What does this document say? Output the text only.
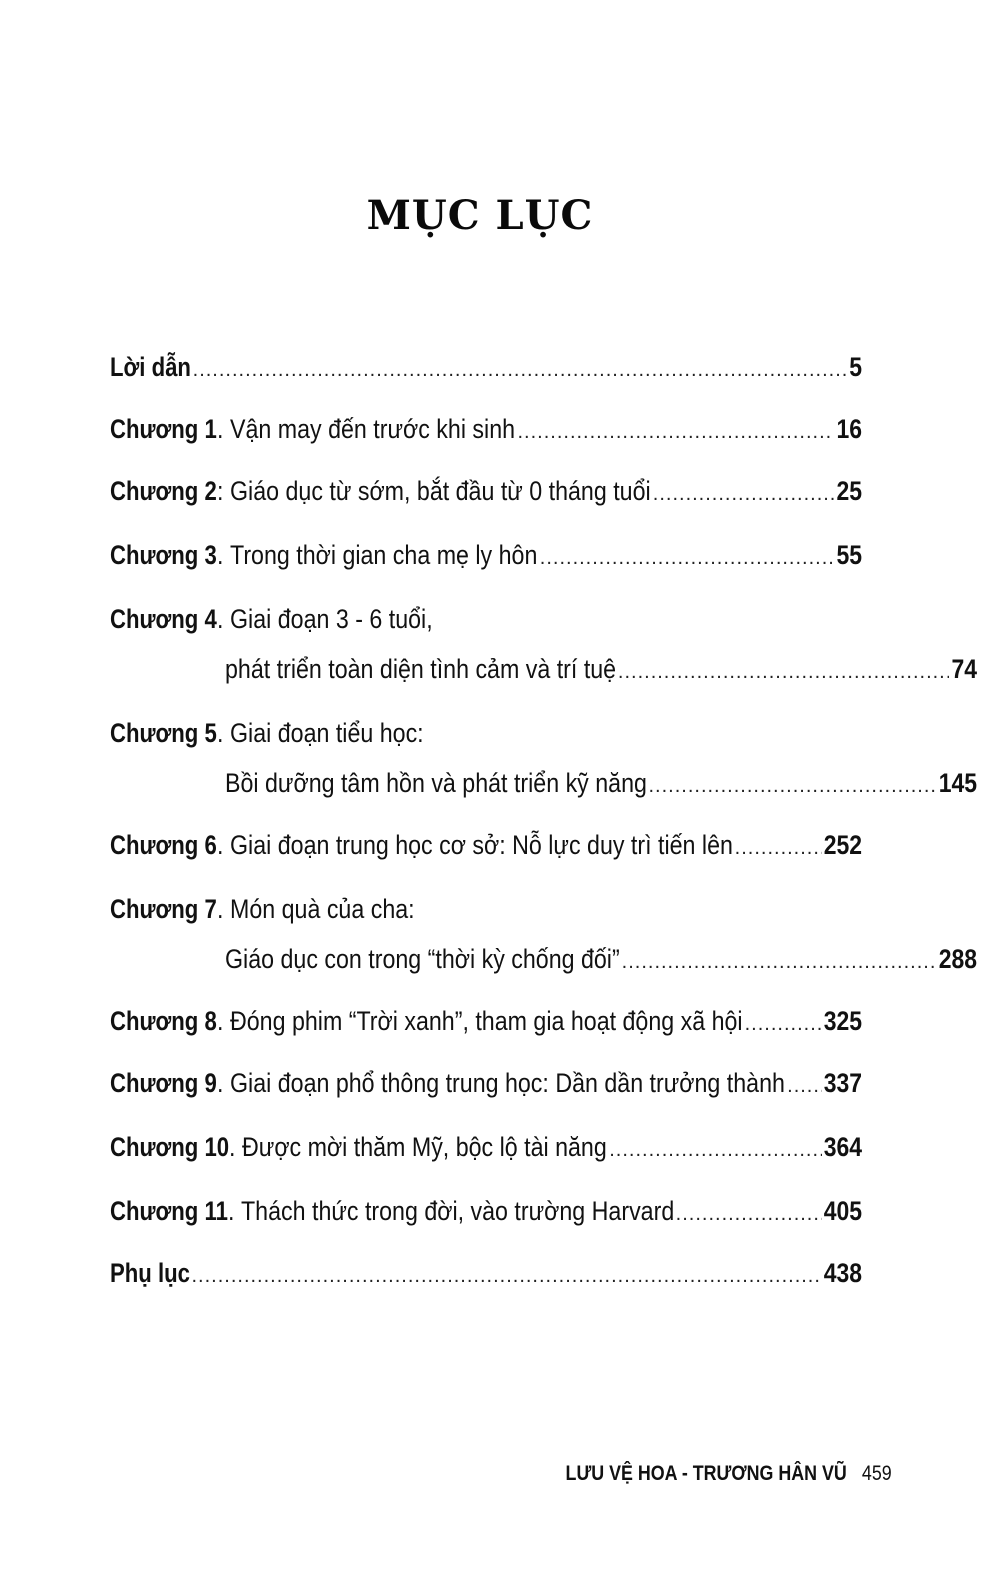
MỤC LỤC
Lời dẫn .....	5
Chương 1 . Vận may đến trước khi sinh .....	16
Chương 2 : Giáo dục từ sớm, bắt đầu từ 0 tháng tuổi .....	25
Chương 3 . Trong thời gian cha mẹ ly hôn .....	55
Chương 4 . Giai đoạn 3 - 6 tuổi,
phát triển toàn diện tình cảm và trí tuệ .....	74
Chương 5 . Giai đoạn tiểu học:
Bồi dưỡng tâm hồn và phát triển kỹ năng .....	145
Chương 6 . Giai đoạn trung học cơ sở: Nỗ lực duy trì tiến lên .....	252
Chương 7 . Món quà của cha:
Giáo dục con trong “thời kỳ chống đối” .....	288
Chương 8 . Đóng phim “Trời xanh”, tham gia hoạt động xã hội .....	325
Chương 9 . Giai đoạn phổ thông trung học: Dần dần trưởng thành ..... 337
Chương 10 . Được mời thăm Mỹ, bộc lộ tài năng .....	364
Chương 11 . Thách thức trong đời, vào trường Harvard .....	405
Phụ lục .....	438
LƯU VỆ HOA - TRƯƠNG HÂN VŨ 459
